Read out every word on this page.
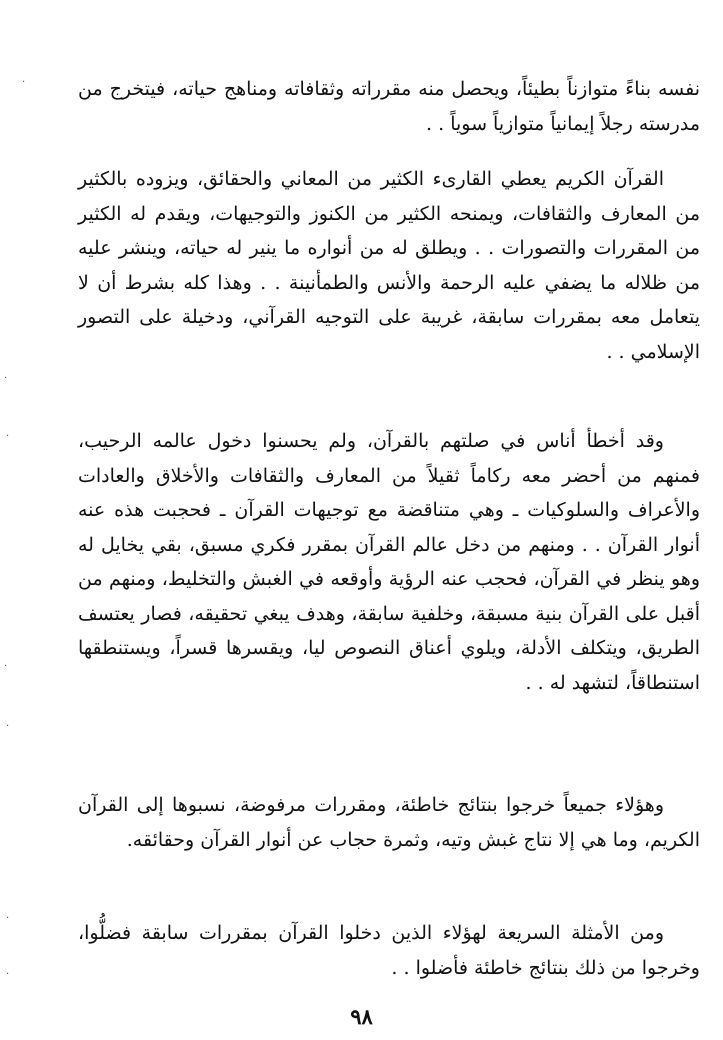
نفسه بناءً متوازناً بطيئاً، ويحصل منه مقرراته وثقافاته ومناهج حياته، فيتخرج من مدرسته رجلاً إيمانياً متوازياً سوياً . .

القرآن الكريم يعطي القارىء الكثير من المعاني والحقائق، ويزوده بالكثير من المعارف والثقافات، ويمنحه الكثير من الكنوز والتوجيهات، ويقدم له الكثير من المقررات والتصورات . . ويطلق له من أنواره ما ينير له حياته، وينشر عليه من ظلاله ما يضفي عليه الرحمة والأنس والطمأنينة . . وهذا كله بشرط أن لا يتعامل معه بمقررات سابقة، غريبة على التوجيه القرآني، ودخيلة على التصور الإسلامي . .

وقد أخطأ أناس في صلتهم بالقرآن، ولم يحسنوا دخول عالمه الرحيب، فمنهم من أحضر معه ركاماً ثقيلاً من المعارف والثقافات والأخلاق والعادات والأعراف والسلوكيات ـ وهي متناقضة مع توجيهات القرآن ـ فحجبت هذه عنه أنوار القرآن . . ومنهم من دخل عالم القرآن بمقرر فكري مسبق، بقي يخايل له وهو ينظر في القرآن، فحجب عنه الرؤية وأوقعه في الغبش والتخليط، ومنهم من أقبل على القرآن بنية مسبقة، وخلفية سابقة، وهدف يبغي تحقيقه، فصار يعتسف الطريق، ويتكلف الأدلة، ويلوي أعناق النصوص ليا، ويقسرها قسراً، ويستنطقها استنطاقاً، لتشهد له . .

وهؤلاء جميعاً خرجوا بنتائج خاطئة، ومقررات مرفوضة، نسبوها إلى القرآن الكريم، وما هي إلا نتاج غبش وتيه، وثمرة حجاب عن أنوار القرآن وحقائقه.

ومن الأمثلة السريعة لهؤلاء الذين دخلوا القرآن بمقررات سابقة فضلُّوا، وخرجوا من ذلك بنتائج خاطئة فأضلوا . .

٩٨
·
·
·
·
·
·
·
